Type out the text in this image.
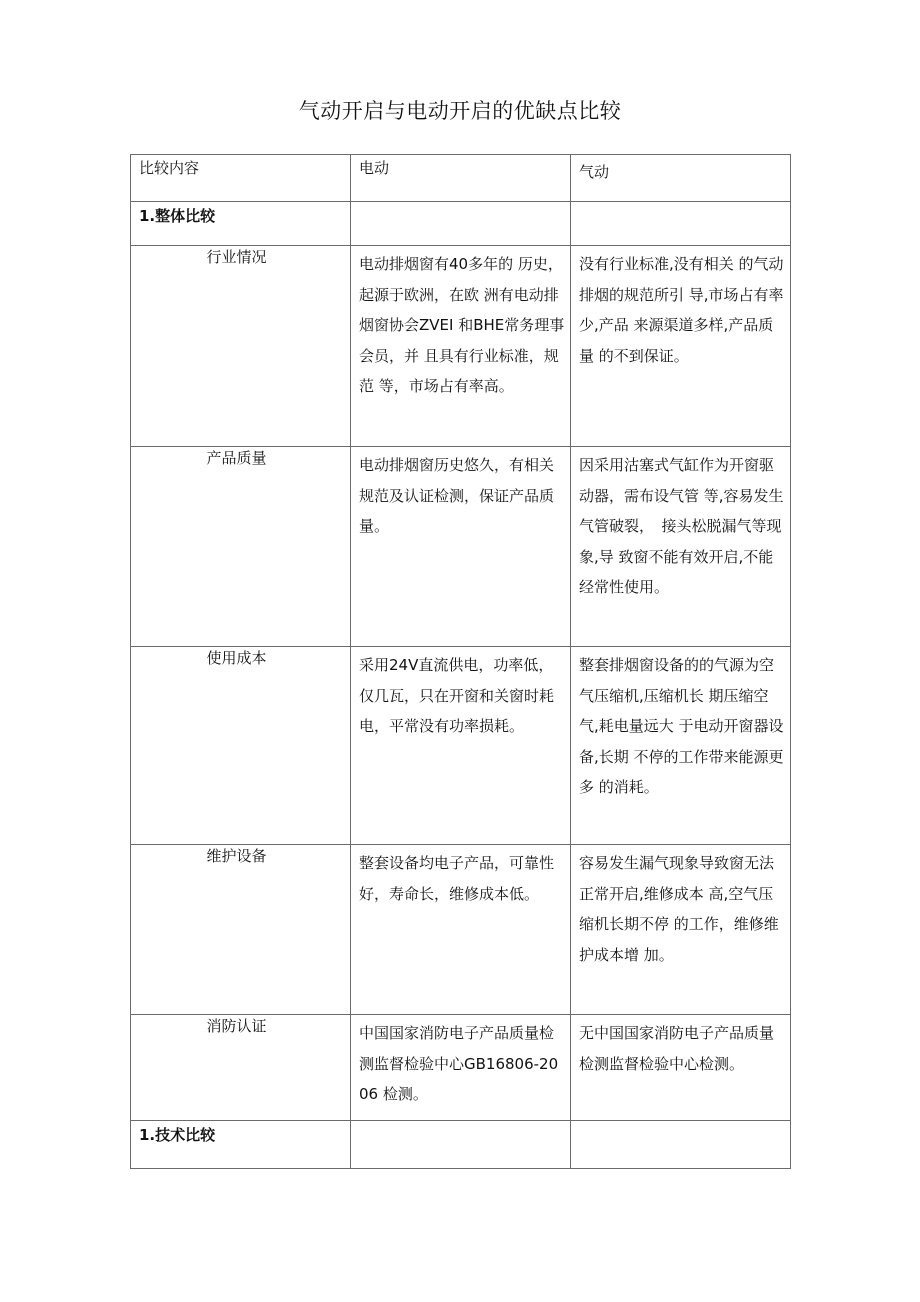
气动开启与电动开启的优缺点比较
比较内容	电动	气动

1.整体比较		

行业情况	电动排烟窗有40多年的 历史，起源于欧洲，在欧 洲有电动排烟窗协会ZVEI 和BHE常务理事会员，并 且具有行业标准，规范 等，市场占有率高。	没有行业标准,没有相关 的气动排烟的规范所引 导,市场占有率少,产品 来源渠道多样,产品质量 的不到保证。

产品质量	电动排烟窗历史悠久，有相关规范及认证检测，保证产品质量。	因采用沽塞式气缸作为开窗驱动器，需布设气管 等,容易发生气管破裂，　接头松脱漏气等现象,导 致窗不能有效开启,不能 经常性使用。

使用成本	采用24V直流供电，功率低，仅几瓦，只在开窗和关窗时耗电，平常没有功率损耗。	整套排烟窗设备的的气源为空气压缩机,压缩机长 期压缩空气,耗电量远大 于电动开窗器设备,长期 不停的工作带来能源更多 的消耗。

维护设备	整套设备均电子产品，可靠性好，寿命长，维修成本低。	容易发生漏气现象导致窗无法正常开启,维修成本 高,空气压缩机长期不停 的工作，维修维护成本增 加。

消防认证	中国国家消防电子产品质量检测监督检验中心GB16806-2006 检测。	无中国国家消防电子产品质量检测监督检验中心检测。

1.技术比较		
